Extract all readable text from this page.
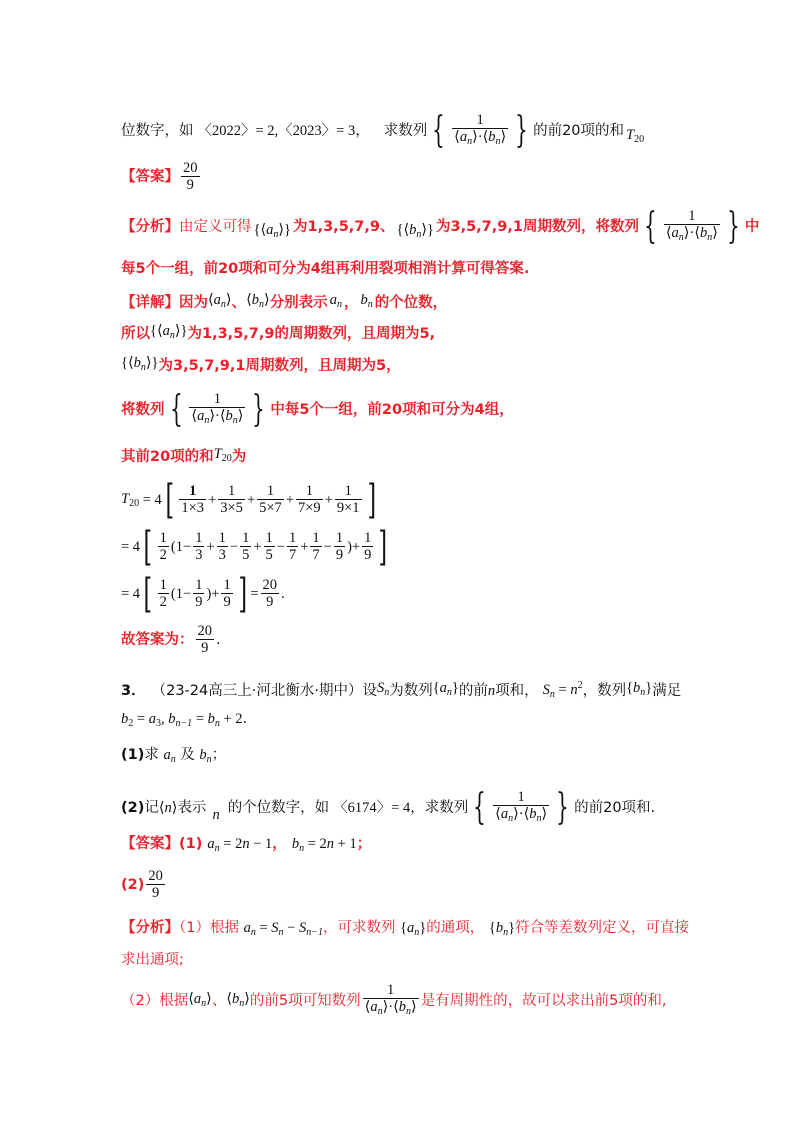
位数字，如 〈2022〉= 2,〈2023〉= 3 ， 求数列 { $\frac{1}{⟨a_n⟩\cdot⟨b_n⟩}$ } 的前20项的和 $T_{20}$
【答案】 $\frac{20}{9}$
【分析】 由定义可得 $\{⟨a_n⟩\}$ 为1,3,5,7,9、 $\{⟨b_n⟩\}$ 为3,5,7,9,1周期数列，将数列 { $\frac{1}{⟨a_n⟩\cdot⟨b_n⟩}$ } 中
每5个一组，前20项和可分为4组再利用裂项相消计算可得答案.
【详解】 因为 $⟨a_n⟩$ 、 $⟨b_n⟩$ 分别表示 $a_n$ ， $b_n$ 的个位数，
所以 $\{⟨a_n⟩\}$ 为1,3,5,7,9的周期数列，且周期为5,
$\{⟨b_n⟩\}$ 为3,5,7,9,1周期数列，且周期为5，
将数列 { $\frac{1}{⟨a_n⟩\cdot⟨b_n⟩}$ } 中每5个一组，前20项和可分为4组，
其前20项的和 $T_{20}$ 为
$T_{20} = 4$ [ $\frac{1}{1\times 3} + \frac{1}{3\times 5} + \frac{1}{5\times 7} + \frac{1}{7\times 9} + \frac{1}{9\times 1}$ ]
= 4 [ $\frac{1}{2} (1- \frac{1}{3} + \frac{1}{3} - \frac{1}{5} + \frac{1}{5} - \frac{1}{7} + \frac{1}{7} - \frac{1}{9}$ )+ $\frac{1}{9}$ ]
= 4 [ $\frac{1}{2} (1- \frac{1}{9}$ )+ $\frac{1}{9}$ ] = $\frac{20}{9}$ .
故答案为： $\frac{20}{9}$ .
3． （23-24高三上·河北衡水·期中） 设 $S_n$ 为数列 $\{a_n\}$ 的前 n 项和， $S_n = n^2$ ，数列 $\{b_n\}$ 满足
$b_2 = a_3$, $b_{n-1} = b_n + 2$.
(1)求 $a_n$ 及 $b_n$；
(2) 记 ⟨n⟩ 表示 n 的个位数字，如 〈6174〉= 4 ，求数列 { $\frac{1}{⟨a_n⟩\cdot⟨b_n⟩}$ } 的前20项和.
【答案】(1) $a_n = 2n - 1$， $b_n = 2n + 1$；
$(2) \frac{20}{9}$
【分析】（1）根据 $a_n = S_n - S_{n-1}$，可求数列 $\{a_n\}$的通项， $\{b_n\}$符合等差数列定义，可直接
求出通项;
（2）根据 $⟨a_n⟩$ 、 $⟨b_n⟩$ 的前5项可知数列 $\frac{1}{⟨a_n⟩\cdot⟨b_n⟩}$ 是有周期性的，故可以求出前5项的和,
